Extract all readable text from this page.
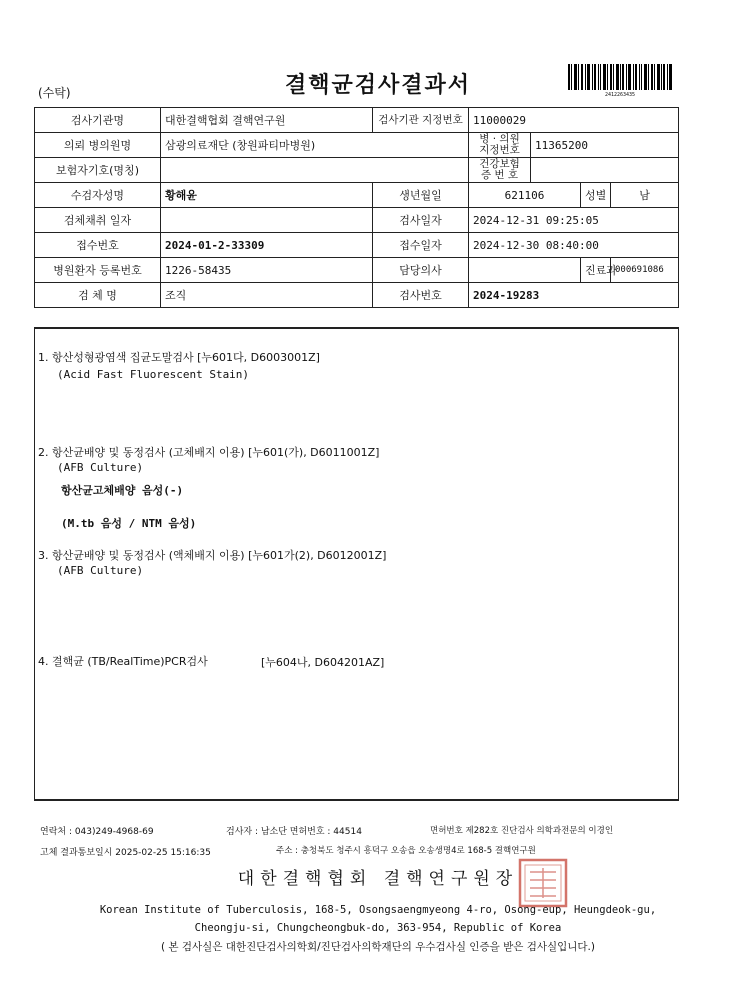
(수탁)	결핵균검사결과서	2412263435
검사기관명	대한결핵협회 결핵연구원	검사기관 지정번호	11000029			
의뢰 병의원명	삼광의료재단 (창원파티마병원)		병 · 의원 지정번호	11365200		
보험자기호(명칭)			건강보험 증 번 호			
수검자성명	황해윤	생년월일	621106		성별	남
검체채취 일자		검사일자	2024-12-31 09:25:05			
접수번호	2024-01-2-33309	접수일자	2024-12-30 08:40:00			
병원환자 등록번호	1226-58435	담당의사			진료과	000691086
검 체 명	조직	검사번호	2024-19283			
1. 항산성형광염색 집균도말검사 [누601다, D6003001Z]
(Acid Fast Fluorescent Stain)
2. 항산균배양 및 동정검사 (고체배지 이용) [누601(가), D6011001Z]
(AFB Culture)
항산균고체배양 음성(-)
(M.tb 음성 / NTM 음성)
3. 항산균배양 및 동정검사 (액체배지 이용) [누601가(2), D6012001Z]
(AFB Culture)
4. 결핵균 (TB/RealTime)PCR검사	[누604나, D604201AZ]
연락처 : 043)249-4968-69	검사자 : 남소단 면허번호 : 44514	면허번호 제282호 진단검사 의학과전문의 이경인
고체 결과통보일시 2025-02-25 15:16:35	주소 : 충청북도 청주시 흥덕구 오송읍 오송생명4로 168-5 결핵연구원
대한결핵협회 결핵연구원장
Korean Institute of Tuberculosis, 168-5, Osongsaengmyeong 4-ro, Osong-eup, Heungdeok-gu,
Cheongju-si, Chungcheongbuk-do, 363-954, Republic of Korea
( 본 검사실은 대한진단검사의학회/진단검사의학재단의 우수검사실 인증을 받은 검사실입니다.)
